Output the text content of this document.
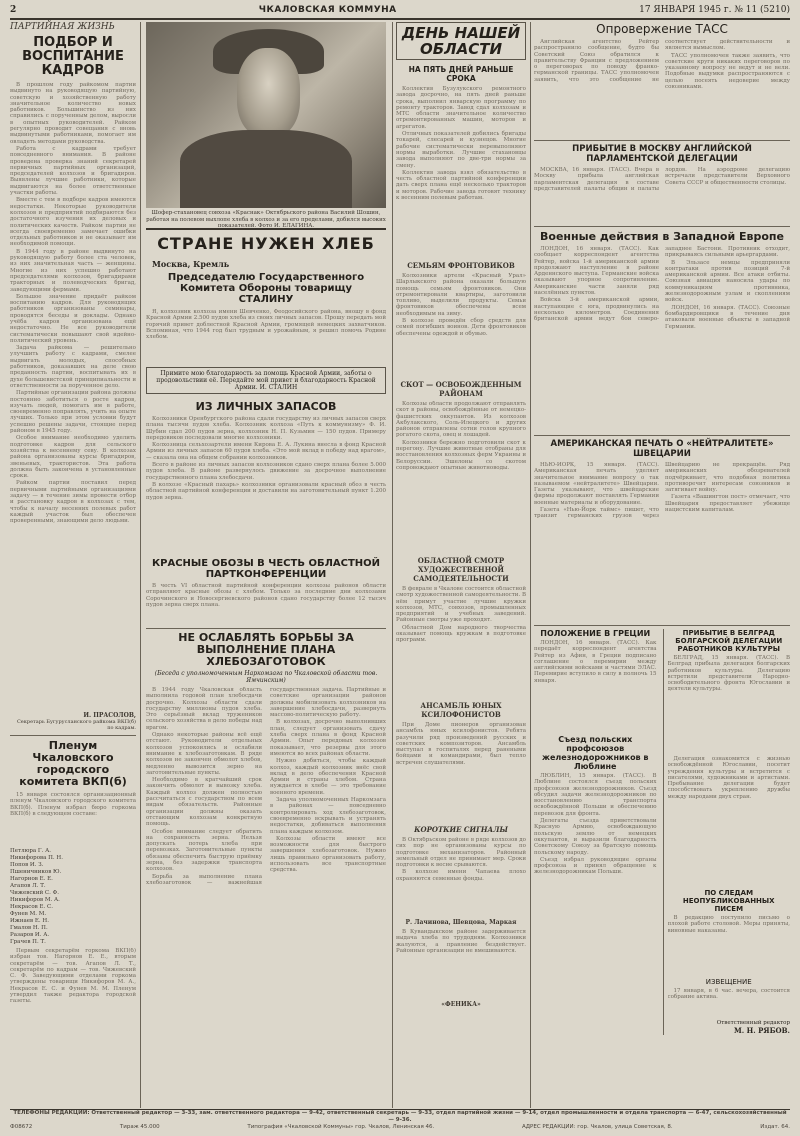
2	ЧКАЛОВСКАЯ КОММУНА	17 ЯНВАРЯ 1945 г. № 11 (5210)
ПАРТИЙНАЯ ЖИЗНЬ
ПОДБОР И ВОСПИТАНИЕ КАДРОВ

В прошлом году райкомом партии выдвинуто на руководящую партийную, советскую и хозяйственную работу значительное количество новых работников. Большинство из них справились с порученным делом, выросли в опытных руководителей. Райком регулярно проводит совещания с вновь выдвинутыми работниками, помогает им овладеть методами руководства.

Работа с кадрами требует повседневного внимания. В районе проведена проверка знаний секретарей первичных партийных организаций, председателей колхозов и бригадиров. Выявлены лучшие работники, которые выдвигаются на более ответственные участки работы.

Вместе с тем в подборе кадров имеются недостатки. Некоторые руководители колхозов и предприятий подбираются без достаточного изучения их деловых и политических качеств. Райком партии не всегда своевременно замечает ошибки отдельных работников и не оказывает им необходимой помощи.

В 1944 году в районе выдвинуто на руководящую работу более ста человек, из них значительная часть — женщины. Многие из них успешно работают председателями колхозов, бригадирами тракторных и полеводческих бригад, заведующими фермами.

Большое значение придаёт райком воспитанию кадров. Для руководящих работников организованы семинары, проводятся беседы и доклады. Однако учёба кадров организована ещё недостаточно. Не все руководители систематически повышают свой идейно-политический уровень.

Задача райкома — решительно улучшить работу с кадрами, смелее выдвигать молодых, способных работников, доказавших на деле свою преданность партии, воспитывать их в духе большевистской принципиальности и ответственности за порученное дело.

Партийные организации района должны постоянно заботиться о росте кадров, изучать людей, помогать им в работе, своевременно поправлять, учить на опыте лучших. Только при этом условии будут успешно решены задачи, стоящие перед районом в 1945 году.

Особое внимание необходимо уделить подготовке кадров для сельского хозяйства к весеннему севу. В колхозах района организованы курсы бригадиров, звеньевых, трактористов. Эта работа должна быть закончена в установленные сроки.

Райком партии поставил перед первичными партийными организациями задачу — в течение зимы провести отбор и расстановку кадров в колхозах с тем, чтобы к началу весенних полевых работ каждый участок был обеспечен проверенными, знающими дело людьми.

И. ПРАСОЛОВ,
Секретарь Бугурусланского райкома ВКП(б) по кадрам.
Пленум Чкаловского городского комитета ВКП(б)

15 января состоялся организационный пленум Чкаловского городского комитета ВКП(б). Пленум избрал бюро горкома ВКП(б) в следующем составе:

Петлюра Г. А.
Никифорова П. Н.
Попов И. З.
Пшеничников Ю.
Нагорнов Е. Е.
Агапов Л. Т.
Чижевский С. Ф.
Никифоров М. А.
Некрасов Е. С.
Фунев М. М.
Ижнаев Е. Н.
Гмалов Н. П.
Разаров И. А.
Грачев П. Т.

Первым секретарём горкома ВКП(б) избран тов. Нагорнов Е. Е., вторым секретарём — тов. Агапов Л. Т., секретарём по кадрам — тов. Чижевский С. Ф. Заведующими отделами горкома утверждены товарищи Никифоров М. А., Некрасов Е. С. и Фунев М. М. Пленум утвердил также редактора городской газеты.

Шофер-стахановец совхоза «Краснак» Октябрьского района Василий Шошин, работая на полевом выхлопе хлеба в колхоз и за его пределами, добился высоких показателей. Фото И. ЕЛАГИНА.
СТРАНЕ НУЖЕН ХЛЕБ
Москва, Кремль
Председателю Государственного Комитета Обороны товарищу СТАЛИНУ

Я, колхозник колхоза имени Шевченко, Феодосийского района, вношу в фонд Красной Армии 2.500 пудов хлеба из своих личных запасов. Прошу передать мой горячий привет доблестной Красной Армии, громящей немецких захватчиков. Вспоминая, что 1944 год был трудным и урожайным, я решил помочь Родине хлебом.

Примите мою благодарность за помощь Красной Армии, заботы о продовольствии её. Передайте мой привет и благодарность Красной Армии. И. СТАЛИН
ИЗ ЛИЧНЫХ ЗАПАСОВ

Колхозники Оренбургского района сдали государству из личных запасов сверх плана тысячи пудов хлеба. Колхозник колхоза «Путь к коммунизму» Ф. И. Шубин сдал 200 пудов зерна, колхозник Н. П. Кузьмин — 150 пудов. Примеру передовиков последовали многие колхозники.

Колхозница сельхозартели имени Кирова Е. А. Лукина внесла в фонд Красной Армии из личных запасов 60 пудов хлеба. «Это мой вклад в победу над врагом», — сказала она на общем собрании колхозников.

Всего в районе из личных запасов колхозников сдано сверх плана более 5.000 пудов хлеба. В районе развернулось движение за досрочное выполнение государственного плана хлебосдачи.

В колхозе «Красный пахарь» колхозники организовали красный обоз в честь областной партийной конференции и доставили на заготовительный пункт 1.200 пудов зерна.

КРАСНЫЕ ОБОЗЫ В ЧЕСТЬ ОБЛАСТНОЙ ПАРТКОНФЕРЕНЦИИ

В честь VI областной партийной конференции колхозы районов области отправляют красные обозы с хлебом. Только за последние дни колхозами Сорочинского и Новосергиевского районов сдано государству более 12 тысяч пудов зерна сверх плана.

НЕ ОСЛАБЛЯТЬ БОРЬБЫ ЗА ВЫПОЛНЕНИЕ ПЛАНА ХЛЕБОЗАГОТОВОК
(Беседа с уполномоченным Наркомзага по Чкаловской области тов. Ямчинским)

В 1944 году Чкаловская область выполнила годовой план хлебосдачи досрочно. Колхозы области сдали государству миллионы пудов хлеба. Это серьёзный вклад тружеников сельского хозяйства в дело победы над врагом.

Однако некоторые районы всё ещё отстают. Руководители отдельных колхозов успокоились и ослабили внимание к хлебозаготовкам. В ряде колхозов не закончен обмолот хлебов, медленно вывозится зерно на заготовительные пункты.

Необходимо в кратчайший срок закончить обмолот и вывозку хлеба. Каждый колхоз должен полностью рассчитаться с государством по всем видам обязательств. Районные организации должны оказать отстающим колхозам конкретную помощь.

Особое внимание следует обратить на сохранность зерна. Нельзя допускать потерь хлеба при перевозках. Заготовительные пункты обязаны обеспечить быструю приёмку зерна, без задержки транспорта колхозов.

Борьба за выполнение плана хлебозаготовок — важнейшая государственная задача. Партийные и советские организации районов должны мобилизовать колхозников на завершение хлебосдачи, развернуть массово-политическую работу.

В колхозах, досрочно выполнивших план, следует организовать сдачу хлеба сверх плана в фонд Красной Армии. Опыт передовых колхозов показывает, что резервы для этого имеются во всех районах области.

Нужно добиться, чтобы каждый колхоз, каждый колхозник внёс свой вклад в дело обеспечения Красной Армии и страны хлебом. Страна нуждается в хлебе — это требование военного времени.

Задача уполномоченных Наркомзага в районах — повседневно контролировать ход хлебозаготовок, своевременно вскрывать и устранять недостатки, добиваться выполнения плана каждым колхозом.

Колхозы области имеют все возможности для быстрого завершения хлебозаготовок. Нужно лишь правильно организовать работу, использовать все транспортные средства.

ДЕНЬ НАШЕЙ ОБЛАСТИ
НА ПЯТЬ ДНЕЙ РАНЬШЕ СРОКА

Коллектив Бузулукского ремонтного завода досрочно, на пять дней раньше срока, выполнил январскую программу по ремонту тракторов. Завод сдал колхозам и МТС области значительное количество отремонтированных машин, моторов и агрегатов.

Отличных показателей добились бригады токарей, слесарей и кузнецов. Многие рабочие систематически перевыполняют нормы выработки. Лучшие стахановцы завода выполняют по две-три нормы за смену.

Коллектив завода взял обязательство в честь областной партийной конференции дать сверх плана ещё несколько тракторов и моторов. Рабочие завода готовят технику к весенним полевым работам.

СЕМЬЯМ ФРОНТОВИКОВ

Колхозники артели «Красный Урал» Шарлыкского района оказали большую помощь семьям фронтовиков. Они отремонтировали квартиры, заготовили топливо, выделили продукты. Семьи фронтовиков обеспечены всем необходимым на зиму.

В колхозе проведён сбор средств для семей погибших воинов. Дети фронтовиков обеспечены одеждой и обувью.

СКОТ — ОСВОБОЖДЕННЫМ РАЙОНАМ

Колхозы области продолжают отправлять скот в районы, освобождённые от немецко-фашистских оккупантов. Из колхозов Акбулакского, Соль-Илецкого и других районов отправлены сотни голов крупного рогатого скота, овец и лошадей.

Колхозники бережно подготовили скот к перегону. Лучшие животные отобраны для восстановления колхозных ферм Украины и Белоруссии. Эшелоны со скотом сопровождают опытные животноводы.

ОБЛАСТНОЙ СМОТР ХУДОЖЕСТВЕННОЙ САМОДЕЯТЕЛЬНОСТИ

В феврале в Чкалове состоится областной смотр художественной самодеятельности. В нём примут участие лучшие кружки колхозов, МТС, совхозов, промышленных предприятий и учебных заведений. Районные смотры уже проходят.

Областной Дом народного творчества оказывает помощь кружкам в подготовке программ.

АНСАМБЛЬ ЮНЫХ КСИЛОФОНИСТОВ

При Доме пионеров организован ансамбль юных ксилофонистов. Ребята разучили ряд произведений русских и советских композиторов. Ансамбль выступал в госпиталях перед ранеными бойцами и командирами, был тепло встречен слушателями.

КОРОТКИЕ СИГНАЛЫ

В Октябрьском районе в ряде колхозов до сих пор не организованы курсы по подготовке механизаторов. Районный земельный отдел не принимает мер. Сроки подготовки к весне срываются.

В колхозе имени Чапаева плохо охраняются семенные фонды.

Р. Лачинова, Шевцова, Маркая

В Кувандыкском районе задерживается выдача хлеба по трудодням. Колхозники жалуются, а правление бездействует. Районные организации не вмешиваются.

«ФЕНИКА»
Опровержение ТАСС

Английская агентство Рейтер распространило сообщение, будто бы Советский Союз обратился к правительству Франции с предложением о переговорах по поводу франко-германской границы. ТАСС уполномочен заявить, что это сообщение не соответствует действительности и является вымыслом.

ТАСС уполномочен также заявить, что советские круги никаких переговоров по указанному вопросу не ведут и не вели. Подобные выдумки распространяются с целью посеять недоверие между союзниками.

ПРИБЫТИЕ В МОСКВУ АНГЛИЙСКОЙ ПАРЛАМЕНТСКОЙ ДЕЛЕГАЦИИ

МОСКВА, 16 января. (ТАСС). Вчера в Москву прибыла английская парламентская делегация в составе представителей палаты общин и палаты лордов. На аэродроме делегацию встречали представители Верховного Совета СССР и общественности столицы.

Военные действия в Западной Европе

ЛОНДОН, 16 января. (ТАСС). Как сообщает корреспондент агентства Рейтер, войска 1-й американской армии продолжают наступление в районе Арденнского выступа. Германские войска оказывают упорное сопротивление. Американские части заняли ряд населённых пунктов.

Войска 3-й американской армии, наступающие с юга, продвинулись на несколько километров. Соединения британской армии ведут бои северо-западнее Бастони. Противник отходит, прикрываясь сильными арьергардами.

В Эльзасе немцы предприняли контратаки против позиций 7-й американской армии. Все атаки отбиты. Союзная авиация наносила удары по коммуникациям противника, железнодорожным узлам и скоплениям войск.

ЛОНДОН, 16 января. (ТАСС). Союзные бомбардировщики в течение дня атаковали военные объекты в западной Германии.

АМЕРИКАНСКАЯ ПЕЧАТЬ О «НЕЙТРАЛИТЕТЕ» ШВЕЦАРИИ

НЬЮ-ЙОРК, 15 января. (ТАСС). Американская печать уделяет значительное внимание вопросу о так называемом «нейтралитете» Швейцарии. Газеты указывают, что швейцарские фирмы продолжают поставлять Германии военные материалы и оборудование.

Газета «Нью-Йорк таймс» пишет, что транзит германских грузов через Швейцарию не прекращён. Ряд американских обозревателей подчёркивает, что подобная политика противоречит интересам союзников и затягивает войну.

Газета «Вашингтон пост» отмечает, что Швейцария предоставляет убежище нацистским капиталам.

ПОЛОЖЕНИЕ В ГРЕЦИИ

ЛОНДОН, 16 января. (ТАСС). Как передаёт корреспондент агентства Рейтер из Афин, в Греции подписано соглашение о перемирии между английскими войсками и частями ЭЛАС. Перемирие вступило в силу в полночь 15 января.

Съезд польских профсоюзов железнодорожников в Люблине

ЛЮБЛИН, 15 января. (ТАСС). В Люблине состоялся съезд польских профсоюзов железнодорожников. Съезд обсудил задачи железнодорожников по восстановлению транспорта освобождённой Польши и обеспечению перевозок для фронта.

Делегаты съезда приветствовали Красную Армию, освобождающую польскую землю от немецких оккупантов, и выразили благодарность Советскому Союзу за братскую помощь польскому народу.

Съезд избрал руководящие органы профсоюза и принял обращение к железнодорожникам Польши.

ПРИБЫТИЕ В БЕЛГРАД БОЛГАРСКОЙ ДЕЛЕГАЦИИ РАБОТНИКОВ КУЛЬТУРЫ

БЕЛГРАД, 15 января. (ТАСС). В Белград прибыла делегация болгарских работников культуры. Делегацию встретили представители Народно-освободительного фронта Югославии и деятели культуры.

Делегация ознакомится с жизнью освобождённой Югославии, посетит учреждения культуры и встретится с писателями, художниками и артистами. Пребывание делегации будет способствовать укреплению дружбы между народами двух стран.

ПО СЛЕДАМ НЕОПУБЛИКОВАННЫХ ПИСЕМ

В редакцию поступило письмо о плохой работе столовой. Меры приняты, виновные наказаны.

ИЗВЕЩЕНИЕ

17 января, в 6 час. вечера, состоится собрание актива.

Ответственный редактор
М. Н. РЯБОВ.
ТЕЛЕФОНЫ РЕДАКЦИИ: Ответственный редактор — 3-33, зам. ответственного редактора — 9-42, ответственный секретарь — 9-33, отдел партийной жизни — 9-14, отдел промышленности и отдела транспорта — 6-47, сельскохозяйственный — 9-36.
Ф08672	Тираж 45.000	Типография «Чкаловской Коммуны» гор. Чкалов, Ленинская 46.	АДРЕС РЕДАКЦИИ: гор. Чкалов, улица Советская, 8.	Издат. 64.
